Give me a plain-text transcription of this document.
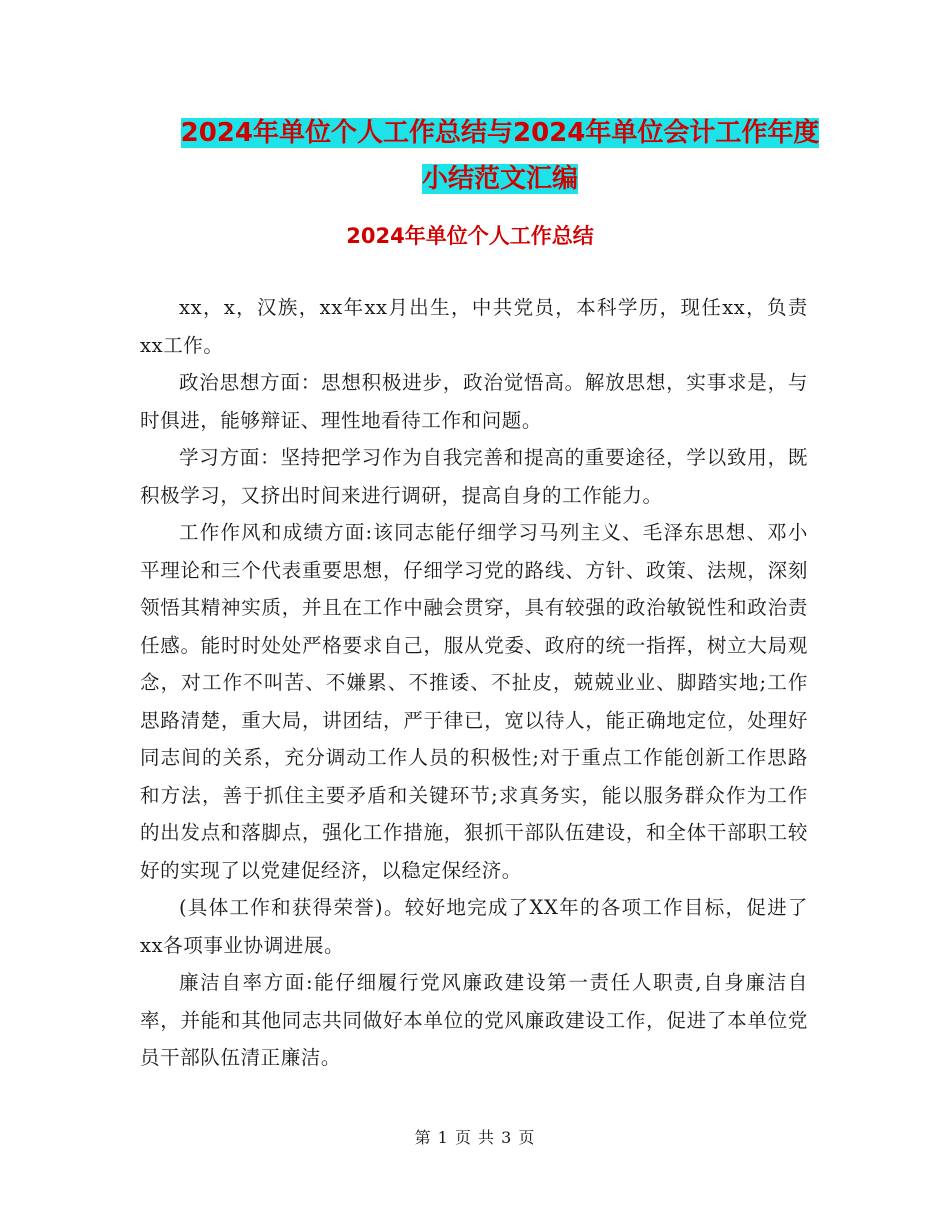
2024年单位个人工作总结与2024年单位会计工作年度
小结范文汇编
2024年单位个人工作总结

xx，x，汉族，xx年xx月出生，中共党员，本科学历，现任xx，负责xx工作。

政治思想方面：思想积极进步，政治觉悟高。解放思想，实事求是，与时俱进，能够辩证、理性地看待工作和问题。

学习方面：坚持把学习作为自我完善和提高的重要途径，学以致用，既积极学习，又挤出时间来进行调研，提高自身的工作能力。

工作作风和成绩方面:该同志能仔细学习马列主义、毛泽东思想、邓小平理论和三个代表重要思想，仔细学习党的路线、方针、政策、法规，深刻领悟其精神实质，并且在工作中融会贯穿，具有较强的政治敏锐性和政治责任感。能时时处处严格要求自己，服从党委、政府的统一指挥，树立大局观念，对工作不叫苦、不嫌累、不推诿、不扯皮，兢兢业业、脚踏实地;工作思路清楚，重大局，讲团结，严于律已，宽以待人，能正确地定位，处理好同志间的关系，充分调动工作人员的积极性;对于重点工作能创新工作思路和方法，善于抓住主要矛盾和关键环节;求真务实，能以服务群众作为工作的出发点和落脚点，强化工作措施，狠抓干部队伍建设，和全体干部职工较好的实现了以党建促经济，以稳定保经济。

(具体工作和获得荣誉)。较好地完成了XX年的各项工作目标，促进了xx各项事业协调进展。

廉洁自率方面:能仔细履行党风廉政建设第一责任人职责,自身廉洁自率，并能和其他同志共同做好本单位的党风廉政建设工作，促进了本单位党员干部队伍清正廉洁。

第 1 页 共 3 页
